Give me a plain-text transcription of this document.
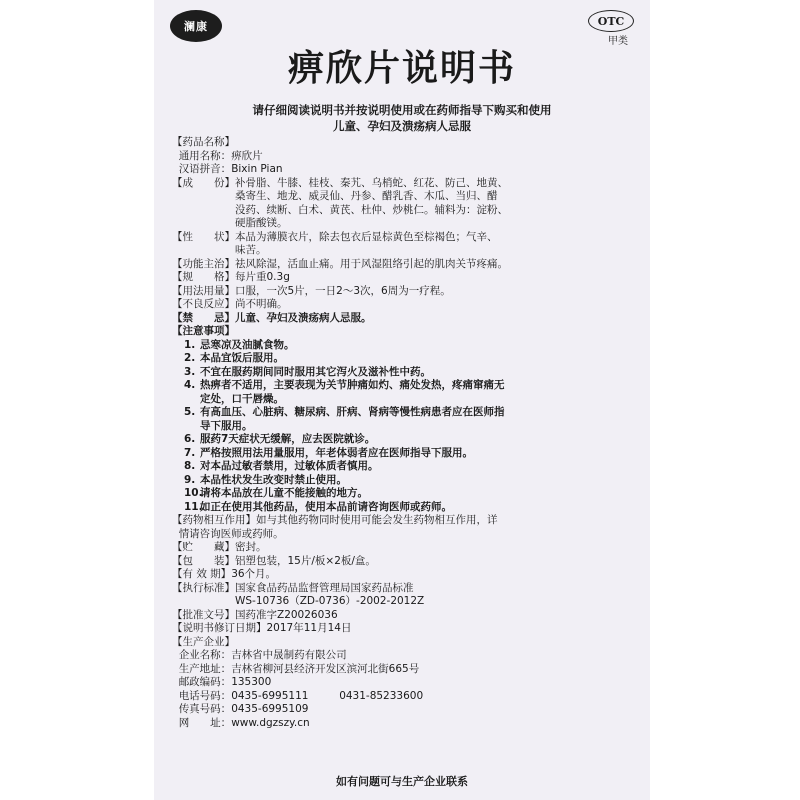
澜康	OTC
甲类
痹欣片说明书
请仔细阅读说明书并按说明使用或在药师指导下购买和使用
儿童、孕妇及溃疡病人忌服
【药品名称】

通用名称： 痹欣片

汉语拼音： Bixin Pian
【成　　份】 补骨脂、牛膝、桂枝、秦艽、乌梢蛇、红花、防己、地黄、
桑寄生、地龙、威灵仙、丹参、醋乳香、木瓜、当归、醋
没药、续断、白术、黄芪、杜仲、炒桃仁。辅料为：淀粉、
硬脂酸镁。
【性　　状】 本品为薄膜衣片，除去包衣后显棕黄色至棕褐色；气辛、
味苦。
【功能主治】 祛风除湿，活血止痛。用于风湿阻络引起的肌肉关节疼痛。
【规　　格】 每片重0.3g
【用法用量】 口服，一次5片，一日2～3次，6周为一疗程。
【不良反应】 尚不明确。
【禁　　忌】 儿童、孕妇及溃疡病人忌服。
【注意事项】
1. 忌寒凉及油腻食物。
2. 本品宜饭后服用。
3. 不宜在服药期间同时服用其它泻火及滋补性中药。
4. 热痹者不适用，主要表现为关节肿痛如灼、痛处发热，疼痛窜痛无
定处，口干唇燥。
5. 有高血压、心脏病、糖尿病、肝病、肾病等慢性病患者应在医师指
导下服用。
6. 服药7天症状无缓解，应去医院就诊。
7. 严格按照用法用量服用，年老体弱者应在医师指导下服用。
8. 对本品过敏者禁用，过敏体质者慎用。
9. 本品性状发生改变时禁止使用。
10.
请将本品放在儿童不能接触的地方。
11.
如正在使用其他药品，使用本品前请咨询医师或药师。
【药物相互作用】 如与其他药物同时使用可能会发生药物相互作用，详

情请咨询医师或药师。
【贮　　藏】 密封。
【包　　装】 铝塑包装，15片/板×2板/盒。
【有 效 期】 36个月。
【执行标准】 国家食品药品监督管理局国家药品标准
WS-10736（ZD-0736）-2002-2012Z
【批准文号】 国药准字Z20026036
【说明书修订日期】 2017年11月14日
【生产企业】

企业名称： 吉林省中晟制药有限公司

生产地址： 吉林省柳河县经济开发区滨河北街665号

邮政编码： 135300

电话号码： 0435-6995111	0431-85233600

传真号码： 0435-6995109

网　　址： www.dgzszy.cn
如有问题可与生产企业联系
